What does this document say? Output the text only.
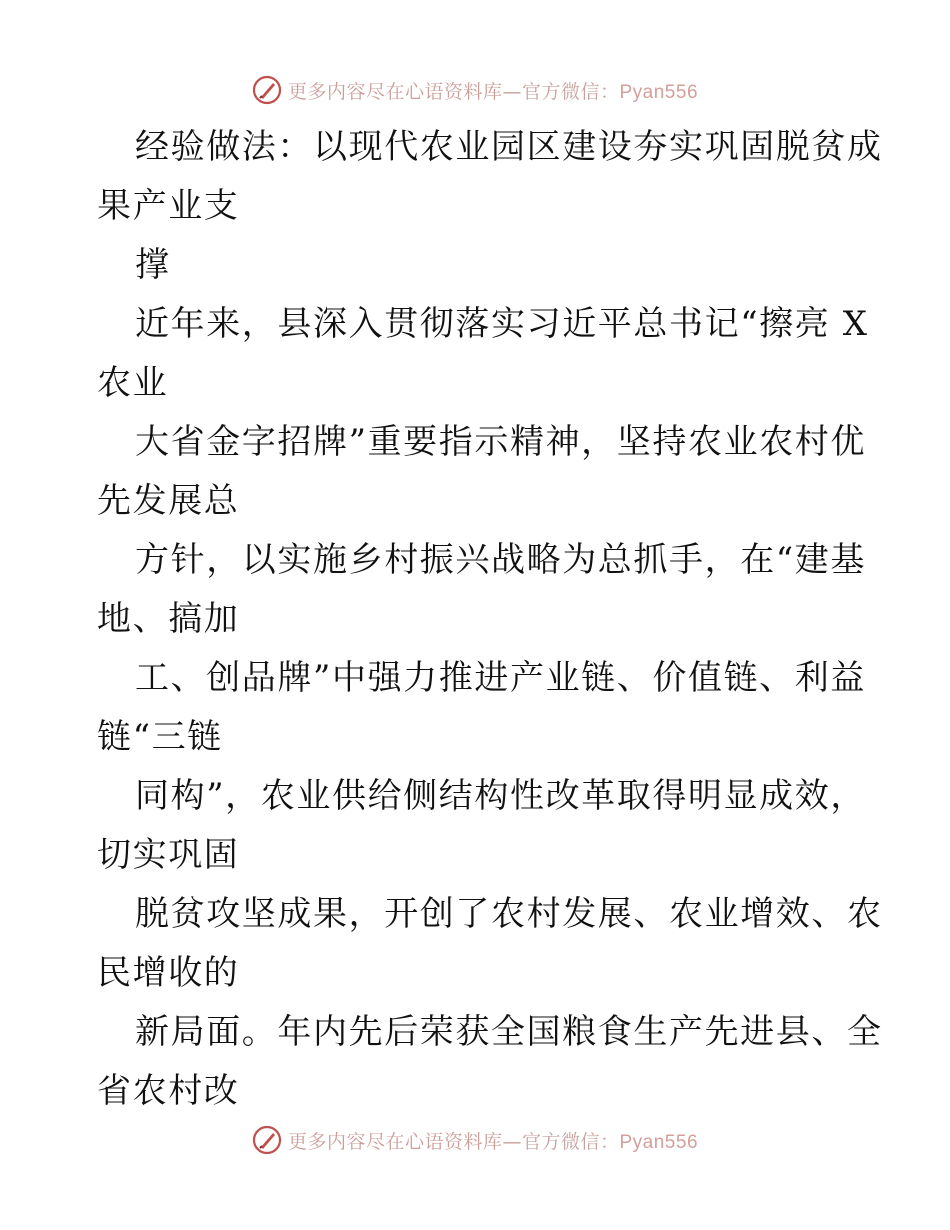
更多内容尽在心语资料库—官方微信：Pyan556
经验做法：以现代农业园区建设夯实巩固脱贫成
果产业支
撑
近年来，县深入贯彻落实习近平总书记“擦亮 X
农业
大省金字招牌”重要指示精神，坚持农业农村优
先发展总
方针，以实施乡村振兴战略为总抓手，在“建基
地、搞加
工、创品牌”中强力推进产业链、价值链、利益
链“三链
同构”，农业供给侧结构性改革取得明显成效，
切实巩固
脱贫攻坚成果，开创了农村发展、农业增效、农
民增收的
新局面。年内先后荣获全国粮食生产先进县、全
省农村改
更多内容尽在心语资料库—官方微信：Pyan556
